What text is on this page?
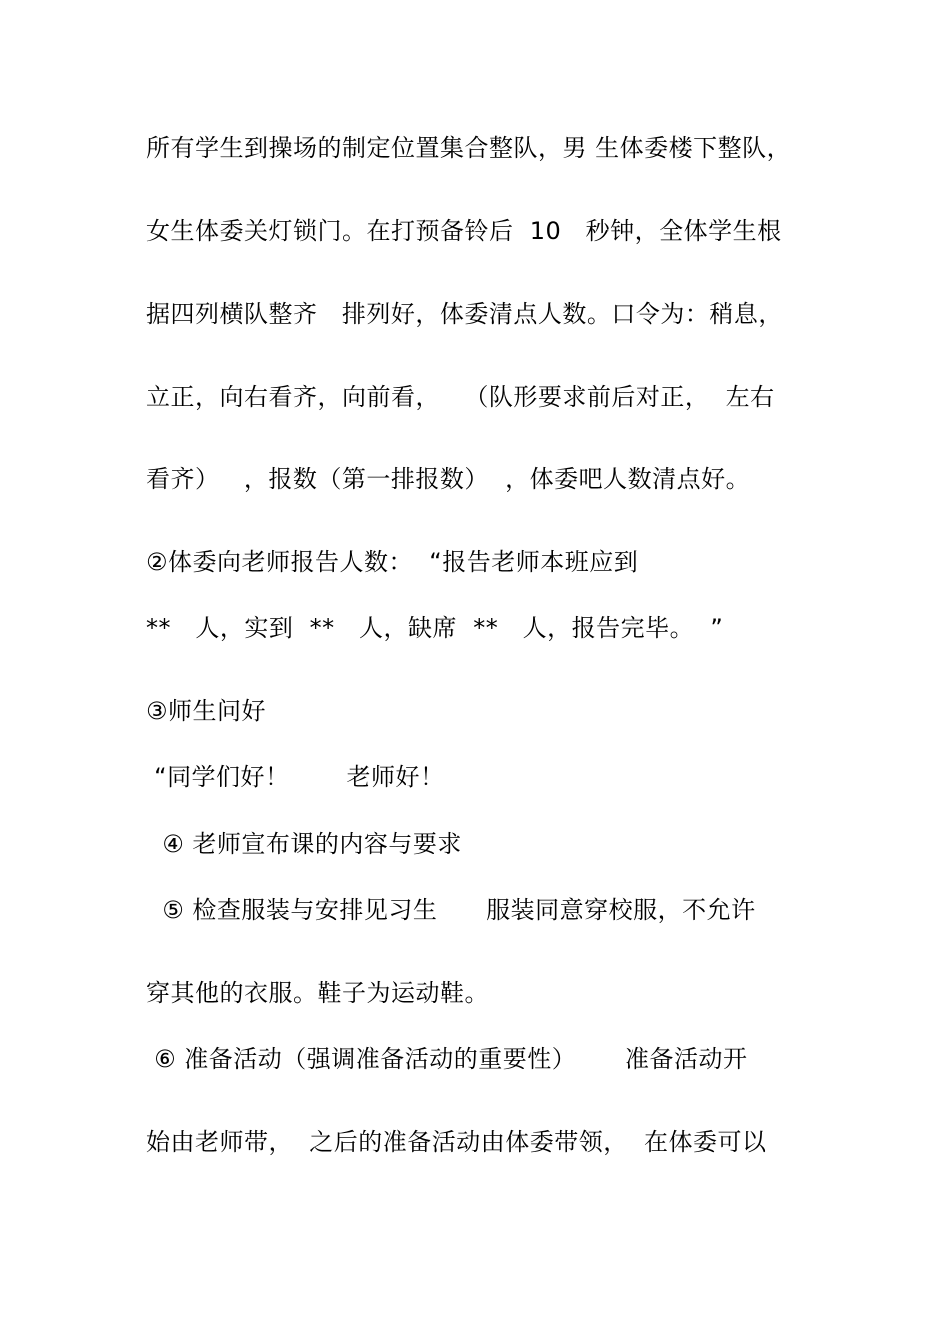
所有学生到操场的制定位置集合整队，男 生体委楼下整队，
女生体委关灯锁门。在打预备铃后  10   秒钟，全体学生根
据四列横队整齐   排列好，体委清点人数。口令为：稍息，
立正，向右看齐，向前看，   （队形要求前后对正，  左右
看齐）   ，报数（第一排报数）  ，体委吧人数清点好。
②体委向老师报告人数：  “报告老师本班应到
**   人，实到  **   人，缺席  **   人，报告完毕。  ”
③师生问好
“同学们好！       老师好！
④ 老师宣布课的内容与要求
⑤ 检查服装与安排见习生      服装同意穿校服，不允许
穿其他的衣服。鞋子为运动鞋。
⑥ 准备活动（强调准备活动的重要性）      准备活动开
始由老师带，  之后的准备活动由体委带领，  在体委可以
